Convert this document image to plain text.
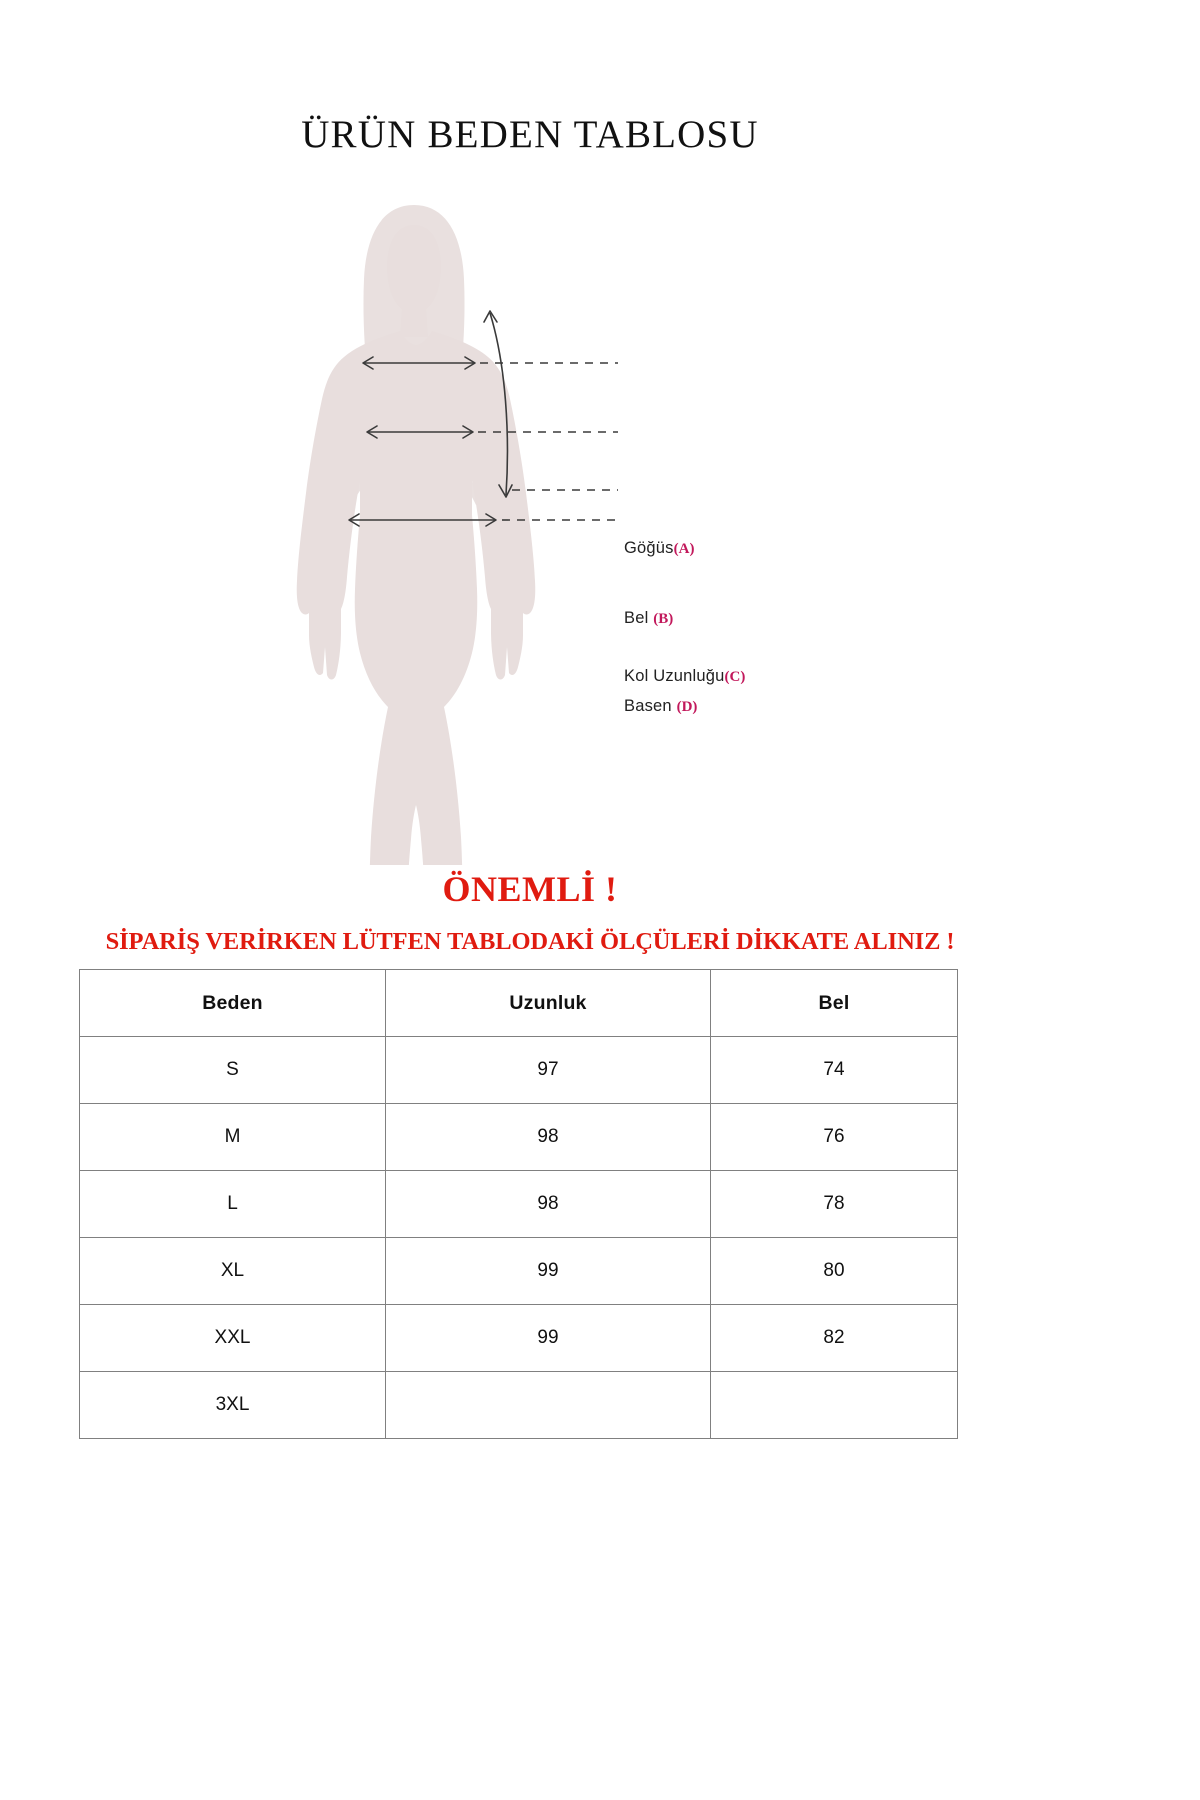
ÜRÜN BEDEN TABLOSU
Göğüs(A)
Bel (B)
Kol Uzunluğu(C)
Basen (D)
ÖNEMLİ !
SİPARİŞ VERİRKEN LÜTFEN TABLODAKİ ÖLÇÜLERİ DİKKATE ALINIZ !
Beden	Uzunluk	Bel
S	97	74
M	98	76
L	98	78
XL	99	80
XXL	99	82
3XL		
